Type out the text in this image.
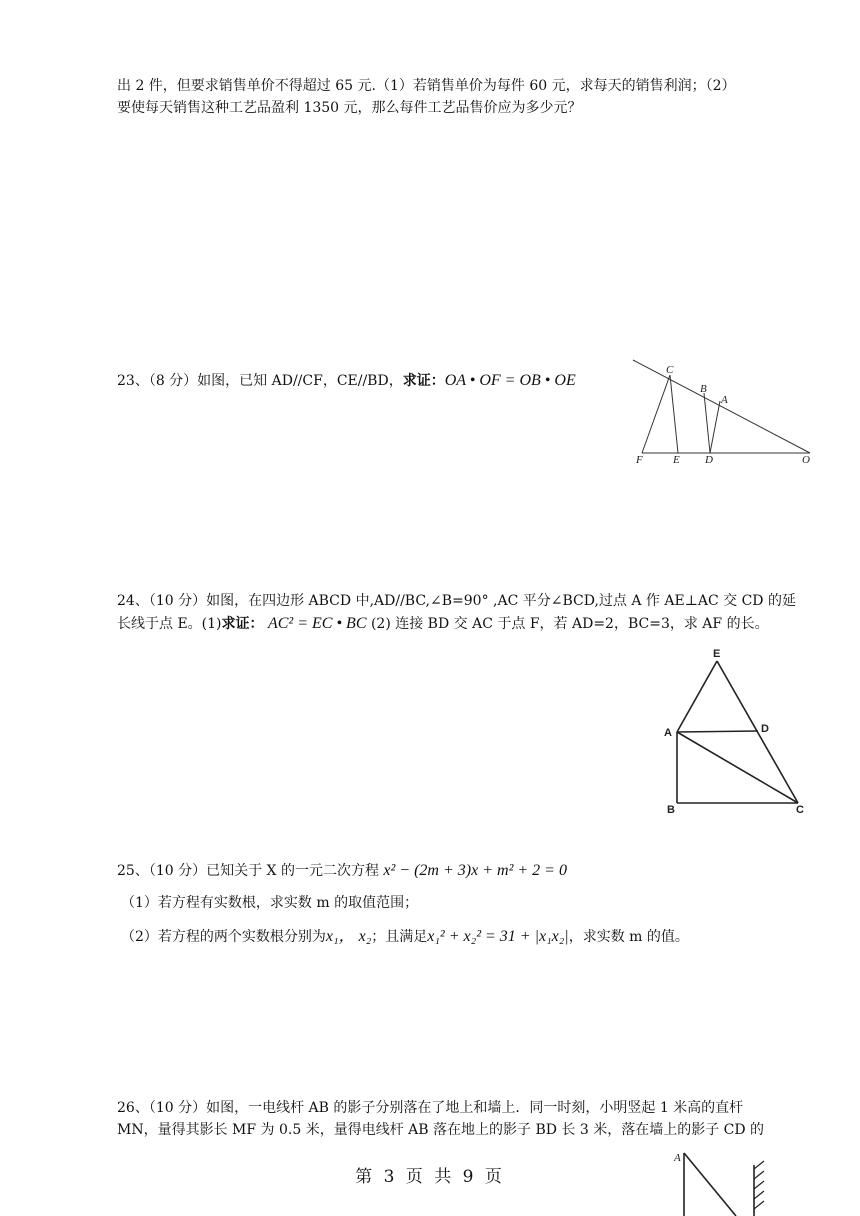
出 2 件，但要求销售单价不得超过 65 元.（1）若销售单价为每件 60 元，求每天的销售利润；（2）
要使每天销售这种工艺品盈利 1350 元，那么每件工艺品售价应为多少元？
23、（8 分）如图，已知 AD//CF，CE//BD，求证：OA • OF = OB • OE
C
B
A
F	E D	O
24、（10 分）如图，在四边形 ABCD 中,AD//BC,∠B=90° ,AC 平分∠BCD,过点 A 作 AE⊥AC 交 CD 的延
长线于点 E。(1)求证： AC² = EC • BC (2) 连接 BD 交 AC 于点 F，若 AD=2，BC=3，求 AF 的长。
E
A	D
B	C
25、（10 分）已知关于 X 的一元二次方程 x² − (2m + 3)x + m² + 2 = 0
（1）若方程有实数根，求实数 m 的取值范围；
（2）若方程的两个实数根分别为x₁， x₂；且满足x₁² + x₂² = 31 + |x₁x₂|，求实数 m 的值。
26、（10 分）如图，一电线杆 AB 的影子分别落在了地上和墙上．同一时刻，小明竖起 1 米高的直杆
MN，量得其影长 MF 为 0.5 米，量得电线杆 AB 落在地上的影子 BD 长 3 米，落在墙上的影子 CD 的
A
第 3 页 共 9 页
